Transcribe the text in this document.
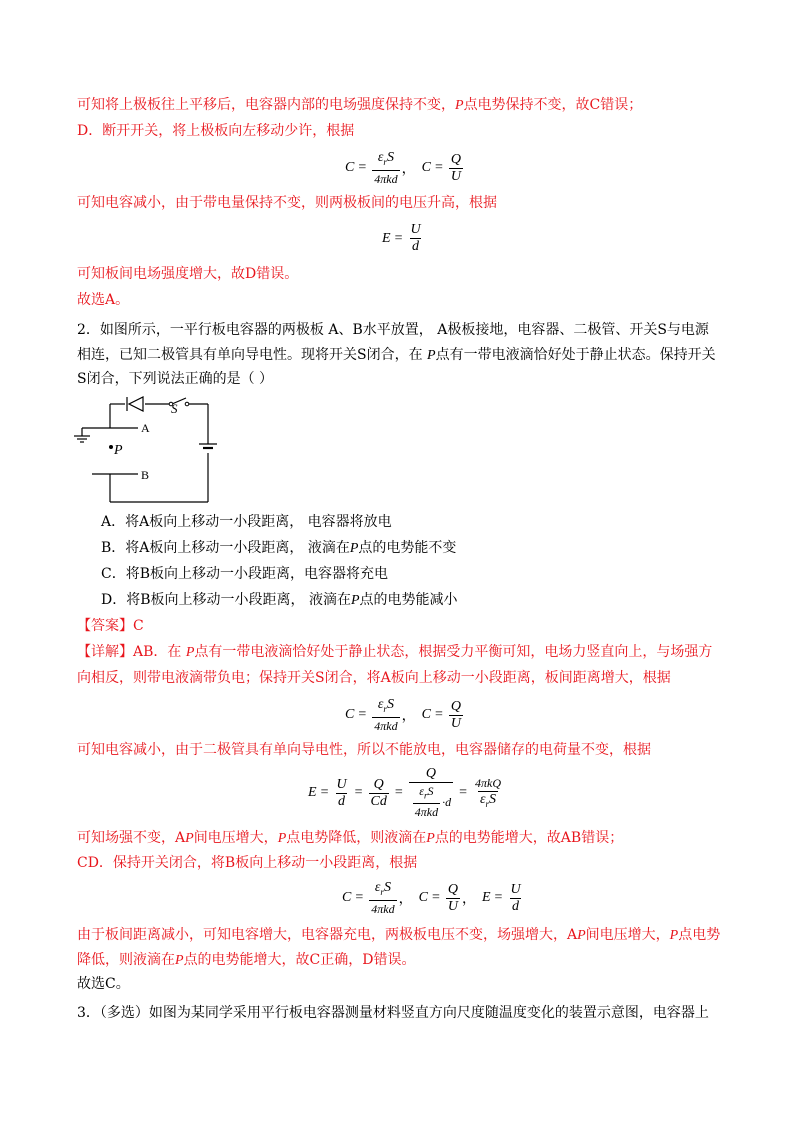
可知将上极板往上平移后，电容器内部的电场强度保持不变，P点电势保持不变，故C错误；
D．断开开关，将上极板向左移动少许，根据
$C = \frac{\varepsilon_rS}{\text{4πkd}}$ ， $C = \frac{Q}{U}$
可知电容减小，由于带电量保持不变，则两极板间的电压升高，根据
$E = \frac{U}{d}$
可知板间电场强度增大，故D错误。
故选A。
2．如图所示，一平行板电容器的两极板 A、B水平放置， A极板接地，电容器、二极管、开关S与电源
相连，已知二极管具有单向导电性。现将开关S闭合，在 P点有一带电液滴恰好处于静止状态。保持开关
S闭合，下列说法正确的是（ ）
S
A
P
B
A．将A板向上移动一小段距离， 电容器将放电
B．将A板向上移动一小段距离， 液滴在P点的电势能不变
C．将B板向上移动一小段距离，电容器将充电
D．将B板向上移动一小段距离， 液滴在P点的电势能减小
【答案】C
【详解】AB．在 P点有一带电液滴恰好处于静止状态，根据受力平衡可知，电场力竖直向上，与场强方
向相反，则带电液滴带负电；保持开关S闭合，将A板向上移动一小段距离，板间距离增大，根据
$C = \frac{\varepsilon_rS}{\text{4πkd}}$ ， $C = \frac{Q}{U}$
可知电容减小，由于二极管具有单向导电性，所以不能放电，电容器储存的电荷量不变，根据
$E = \frac{U}{d} = \frac{Q}{Cd} = \frac{Q}{\frac{\varepsilon_rS}{\text{4πkd}} \cdot d} = \frac{\text{4πkQ}}{\varepsilon_rS}$
可知场强不变，AP间电压增大，P点电势降低，则液滴在P点的电势能增大，故AB错误；
CD．保持开关闭合，将B板向上移动一小段距离，根据
$C = \frac{\varepsilon_rS}{\text{4πkd}}$ ， $C = \frac{Q}{U}$ ， $E = \frac{U}{d}$
由于板间距离减小，可知电容增大，电容器充电，两极板电压不变，场强增大，AP间电压增大，P点电势
降低，则液滴在P点的电势能增大，故C正确，D错误。
故选C。
3．（多选）如图为某同学采用平行板电容器测量材料竖直方向尺度随温度变化的装置示意图，电容器上
